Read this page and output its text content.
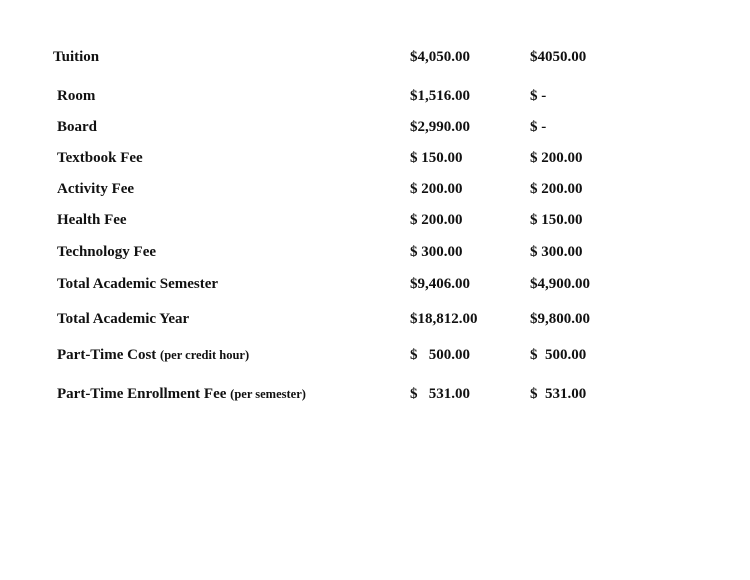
Tuition	$4,050.00	$4050.00
Room	$1,516.00	$ -
Board	$2,990.00	$ -
Textbook Fee	$ 150.00	$ 200.00
Activity Fee	$ 200.00	$ 200.00
Health Fee	$ 200.00	$ 150.00
Technology Fee	$ 300.00	$ 300.00
Total Academic Semester	$9,406.00	$4,900.00
Total Academic Year	$18,812.00	$9,800.00
Part-Time Cost (per credit hour)	$   500.00	$  500.00
Part-Time Enrollment Fee (per semester)	$   531.00	$  531.00
